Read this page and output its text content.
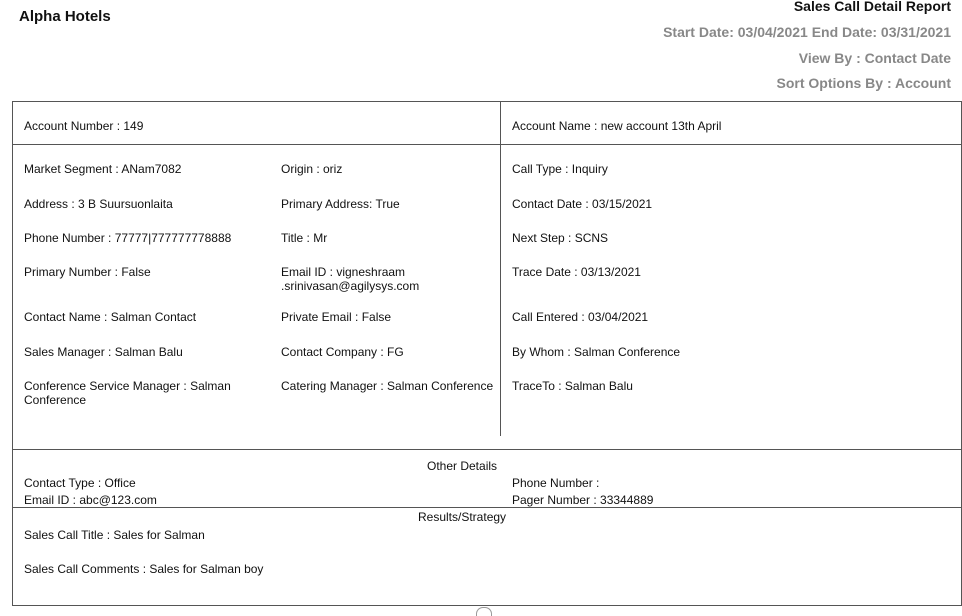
Alpha Hotels
Sales Call Detail Report
Start Date: 03/04/2021 End Date: 03/31/2021
View By : Contact Date
Sort Options By : Account
Account Number : 149	Account Name : new account 13th April
Market Segment : ANam7082
Address : 3 B Suursuonlaita
Phone Number : 77777|777777778888
Primary Number : False
Contact Name : Salman Contact
Sales Manager : Salman Balu
Conference Service Manager : Salman Conference
Origin : oriz
Primary Address: True
Title : Mr
Email ID : vigneshraam .srinivasan@agilysys.com
Private Email : False
Contact Company : FG
Catering Manager : Salman Conference
Call Type : Inquiry
Contact Date : 03/15/2021
Next Step : SCNS
Trace Date : 03/13/2021
Call Entered : 03/04/2021
By Whom : Salman Conference
TraceTo : Salman Balu
Other Details
Contact Type : Office
Email ID : abc@123.com
Phone Number :
Pager Number : 33344889
Results/Strategy
Sales Call Title : Sales for Salman
Sales Call Comments : Sales for Salman boy
